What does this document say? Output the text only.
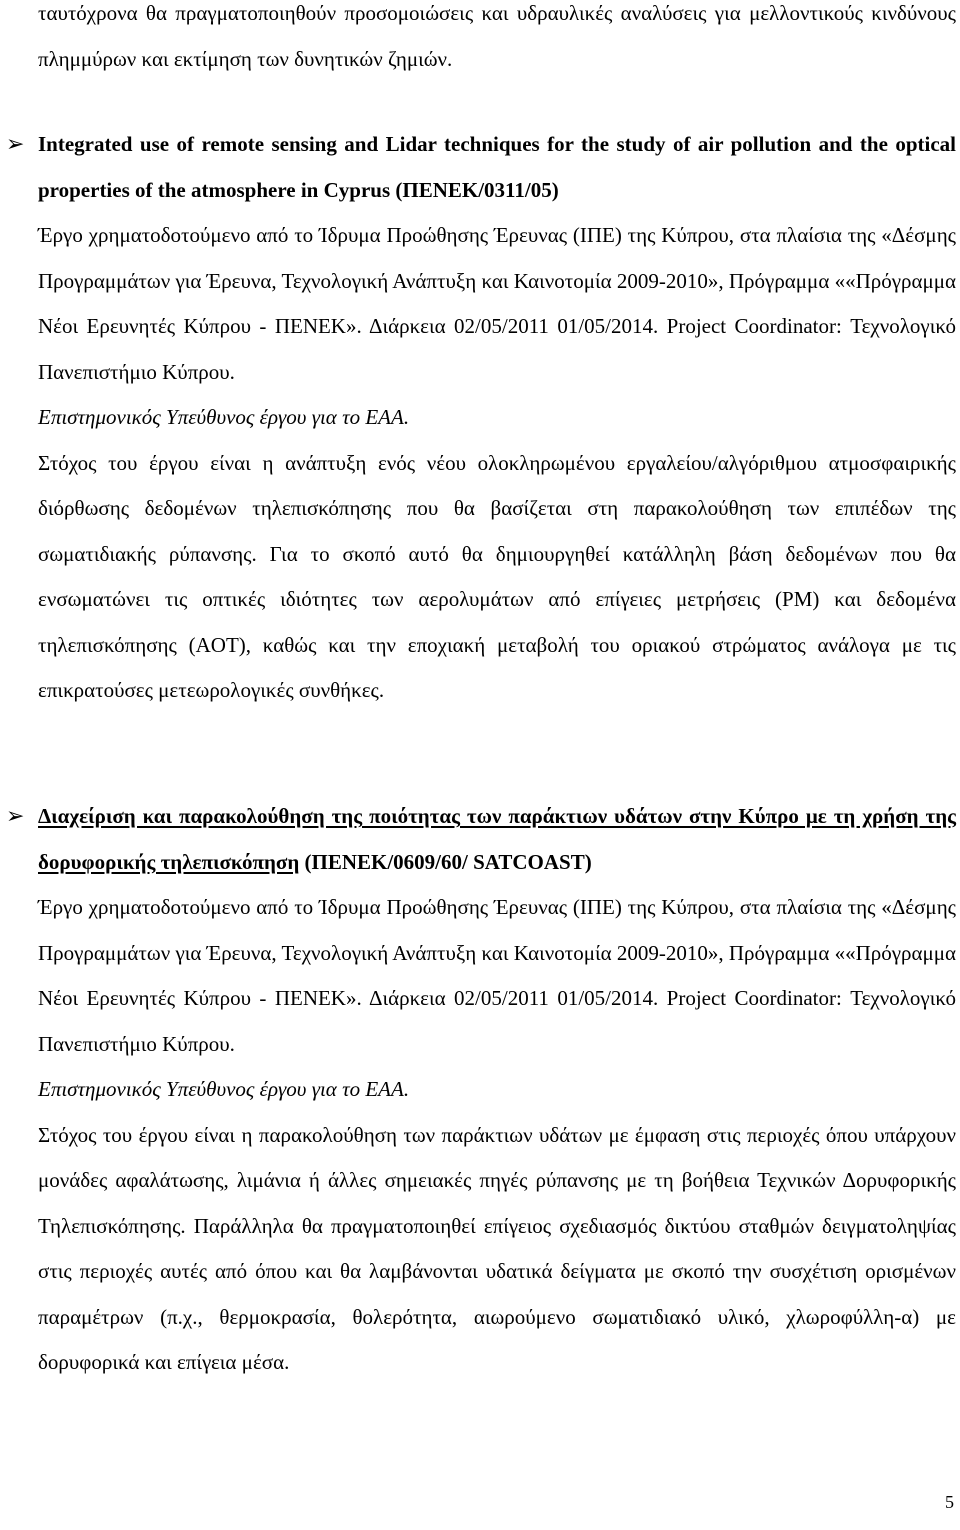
ταυτόχρονα θα πραγματοποιηθούν προσομοιώσεις και υδραυλικές αναλύσεις για μελλοντικούς κινδύνους πλημμύρων και εκτίμηση των δυνητικών ζημιών.

➢ Integrated use of remote sensing and Lidar techniques for the study of air pollution and the optical properties of the atmosphere in Cyprus (ΠΕΝΕΚ/0311/05)

Έργο χρηματοδοτούμενο από το Ίδρυμα Προώθησης Έρευνας (ΙΠΕ) της Κύπρου, στα πλαίσια της «Δέσμης Προγραμμάτων για Έρευνα, Τεχνολογική Ανάπτυξη και Καινοτομία 2009-2010», Πρόγραμμα ««Πρόγραμμα Νέοι Ερευνητές Κύπρου - ΠΕΝΕΚ». Διάρκεια 02/05/2011 01/05/2014. Project Coordinator: Τεχνολογικό Πανεπιστήμιο Κύπρου.

Επιστημονικός Υπεύθυνος έργου για το ΕΑΑ.

Στόχος του έργου είναι η ανάπτυξη ενός νέου ολοκληρωμένου εργαλείου/αλγόριθμου ατμοσφαιρικής διόρθωσης δεδομένων τηλεπισκόπησης που θα βασίζεται στη παρακολούθηση των επιπέδων της σωματιδιακής ρύπανσης. Για το σκοπό αυτό θα δημιουργηθεί κατάλληλη βάση δεδομένων που θα ενσωματώνει τις οπτικές ιδιότητες των αερολυμάτων από επίγειες μετρήσεις (PM) και δεδομένα τηλεπισκόπησης (AOT), καθώς και την εποχιακή μεταβολή του οριακού στρώματος ανάλογα με τις επικρατούσες μετεωρολογικές συνθήκες.

➢ Διαχείριση και παρακολούθηση της ποιότητας των παράκτιων υδάτων στην Κύπρο με τη χρήση της δορυφορικής τηλεπισκόπηση (ΠΕΝΕΚ/0609/60/ SATCOAST)

Έργο χρηματοδοτούμενο από το Ίδρυμα Προώθησης Έρευνας (ΙΠΕ) της Κύπρου, στα πλαίσια της «Δέσμης Προγραμμάτων για Έρευνα, Τεχνολογική Ανάπτυξη και Καινοτομία 2009-2010», Πρόγραμμα ««Πρόγραμμα Νέοι Ερευνητές Κύπρου - ΠΕΝΕΚ». Διάρκεια 02/05/2011 01/05/2014. Project Coordinator: Τεχνολογικό Πανεπιστήμιο Κύπρου.

Επιστημονικός Υπεύθυνος έργου για το ΕΑΑ.

Στόχος του έργου είναι η παρακολούθηση των παράκτιων υδάτων με έμφαση στις περιοχές όπου υπάρχουν μονάδες αφαλάτωσης, λιμάνια ή άλλες σημειακές πηγές ρύπανσης με τη βοήθεια Τεχνικών Δορυφορικής Τηλεπισκόπησης. Παράλληλα θα πραγματοποιηθεί επίγειος σχεδιασμός δικτύου σταθμών δειγματοληψίας στις περιοχές αυτές από όπου και θα λαμβάνονται υδατικά δείγματα με σκοπό την συσχέτιση ορισμένων παραμέτρων (π.χ., θερμοκρασία, θολερότητα, αιωρούμενο σωματιδιακό υλικό, χλωροφύλλη-α) με δορυφορικά και επίγεια μέσα.

5
